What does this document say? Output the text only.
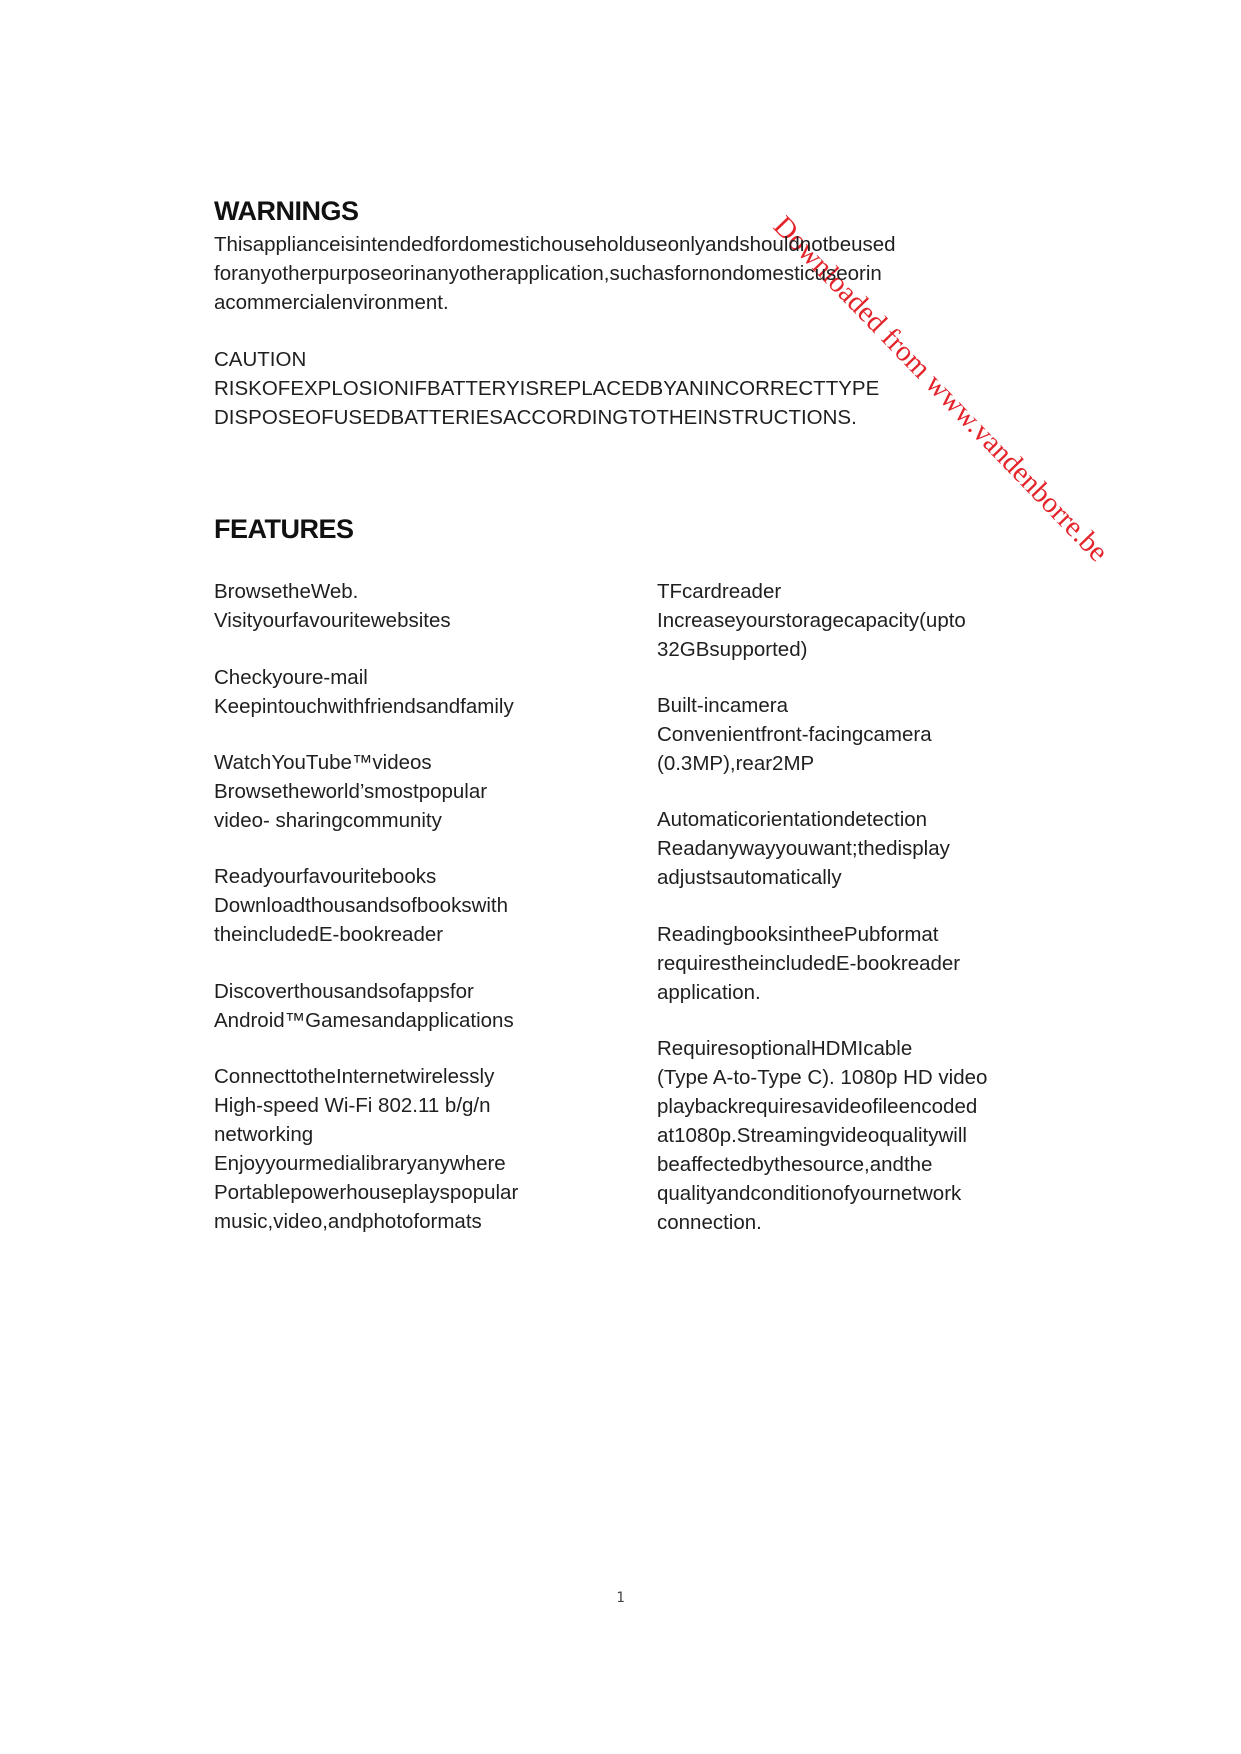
Downloaded from www.vandenborre.be
WARNINGS
Thisapplianceisintendedfordomestichouseholduseonlyandshouldnotbeused
foranyotherpurposeorinanyotherapplication,suchasfornondomesticuseorin
acommercialenvironment.
CAUTION
RISKOFEXPLOSIONIFBATTERYISREPLACEDBYANINCORRECTTYPE
DISPOSEOFUSEDBATTERIESACCORDINGTOTHEINSTRUCTIONS.
FEATURES
BrowsetheWeb.
Visityourfavouritewebsites
Checkyoure-mail
Keepintouchwithfriendsandfamily
WatchYouTube™videos
Browsetheworld’smostpopular
video- sharingcommunity
Readyourfavouritebooks
Downloadthousandsofbookswith
theincludedE-bookreader
Discoverthousandsofappsfor
Android™Gamesandapplications
ConnecttotheInternetwirelessly
High-speed Wi-Fi 802.11 b/g/n
networking
Enjoyyourmedialibraryanywhere
Portablepowerhouseplayspopular
music,video,andphotoformats
TFcardreader
Increaseyourstoragecapacity(upto
32GBsupported)
Built-incamera
Convenientfront-facingcamera
(0.3MP),rear2MP
Automaticorientationdetection
Readanywayyouwant;thedisplay
adjustsautomatically
ReadingbooksintheePubformat
requirestheincludedE-bookreader
application.
RequiresoptionalHDMIcable
(Type A-to-Type C). 1080p HD video
playbackrequiresavideofileencoded
at1080p.Streamingvideoqualitywill
beaffectedbythesource,andthe
qualityandconditionofyournetwork
connection.
1
